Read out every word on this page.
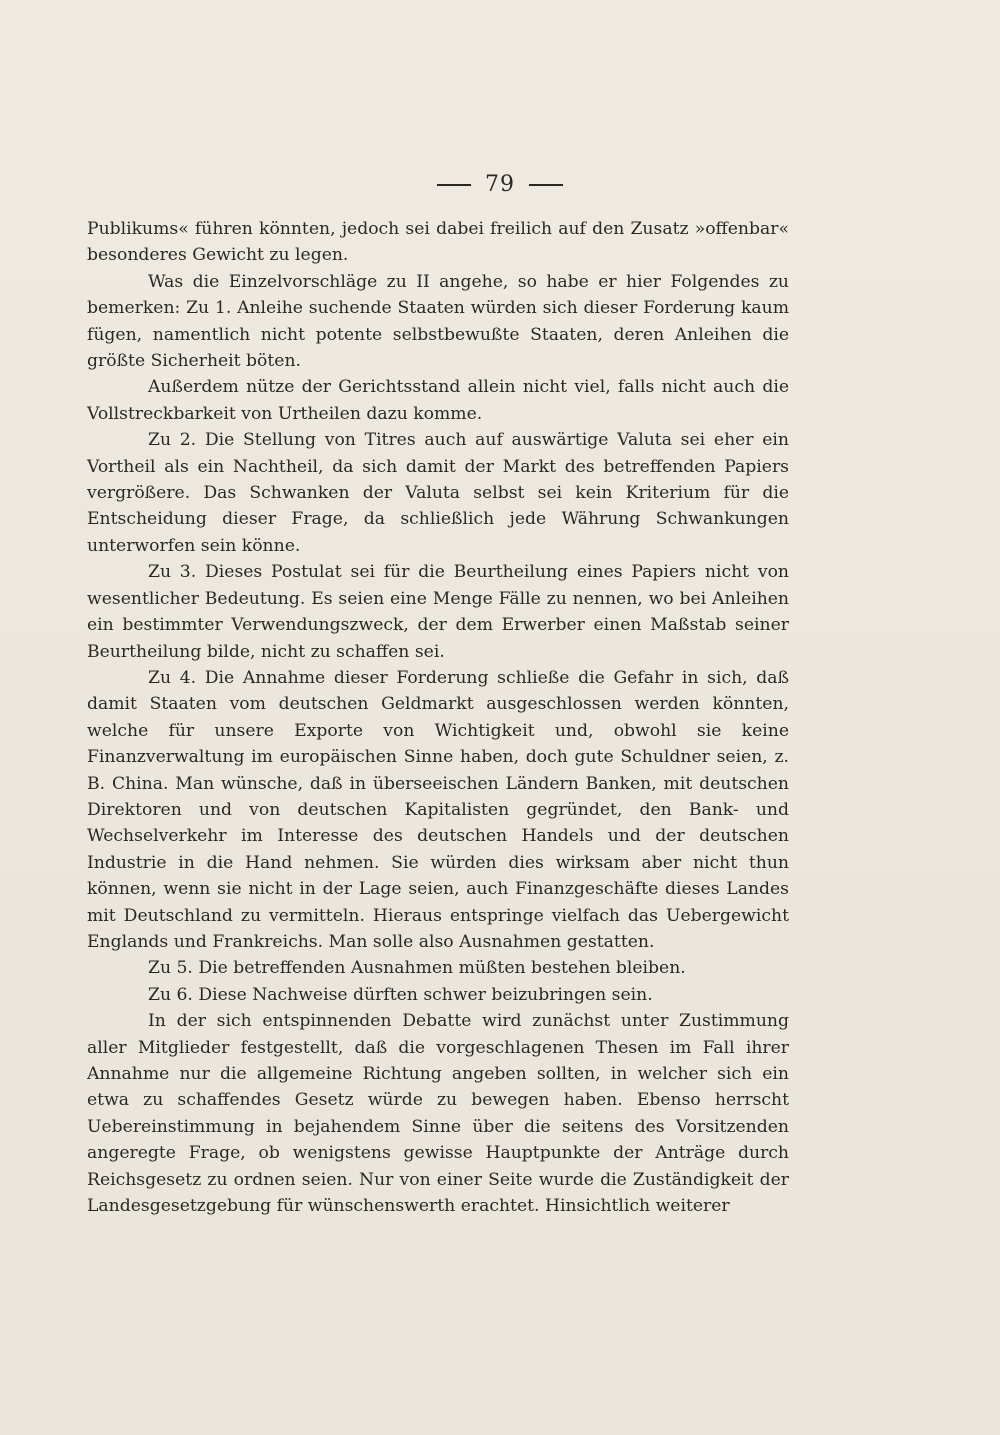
79

Publikums« führen könnten, jedoch sei dabei freilich auf den Zusatz »offenbar« besonderes Gewicht zu legen.

Was die Einzelvorschläge zu II angehe, so habe er hier Folgendes zu bemerken: Zu 1. Anleihe suchende Staaten würden sich dieser Forderung kaum fügen, namentlich nicht potente selbstbewußte Staaten, deren Anleihen die größte Sicherheit böten.

Außerdem nütze der Gerichtsstand allein nicht viel, falls nicht auch die Vollstreckbarkeit von Urtheilen dazu komme.

Zu 2. Die Stellung von Titres auch auf auswärtige Valuta sei eher ein Vortheil als ein Nachtheil, da sich damit der Markt des betreffenden Papiers vergrößere. Das Schwanken der Valuta selbst sei kein Kriterium für die Entscheidung dieser Frage, da schließlich jede Währung Schwankungen unterworfen sein könne.

Zu 3. Dieses Postulat sei für die Beurtheilung eines Papiers nicht von wesentlicher Bedeutung. Es seien eine Menge Fälle zu nennen, wo bei Anleihen ein bestimmter Verwendungszweck, der dem Erwerber einen Maßstab seiner Beurtheilung bilde, nicht zu schaffen sei.

Zu 4. Die Annahme dieser Forderung schließe die Gefahr in sich, daß damit Staaten vom deutschen Geldmarkt ausgeschlossen werden könnten, welche für unsere Exporte von Wichtigkeit und, obwohl sie keine Finanzverwaltung im europäischen Sinne haben, doch gute Schuldner seien, z. B. China. Man wünsche, daß in überseeischen Ländern Banken, mit deutschen Direktoren und von deutschen Kapitalisten gegründet, den Bank- und Wechselverkehr im Interesse des deutschen Handels und der deutschen Industrie in die Hand nehmen. Sie würden dies wirksam aber nicht thun können, wenn sie nicht in der Lage seien, auch Finanzgeschäfte dieses Landes mit Deutschland zu vermitteln. Hieraus entspringe vielfach das Uebergewicht Englands und Frankreichs. Man solle also Ausnahmen gestatten.

Zu 5. Die betreffenden Ausnahmen müßten bestehen bleiben.

Zu 6. Diese Nachweise dürften schwer beizubringen sein.

In der sich entspinnenden Debatte wird zunächst unter Zustimmung aller Mitglieder festgestellt, daß die vorgeschlagenen Thesen im Fall ihrer Annahme nur die allgemeine Richtung angeben sollten, in welcher sich ein etwa zu schaffendes Gesetz würde zu bewegen haben. Ebenso herrscht Uebereinstimmung in bejahendem Sinne über die seitens des Vorsitzenden angeregte Frage, ob wenigstens gewisse Hauptpunkte der Anträge durch Reichsgesetz zu ordnen seien. Nur von einer Seite wurde die Zuständigkeit der Landesgesetzgebung für wünschenswerth erachtet. Hinsichtlich weiterer
